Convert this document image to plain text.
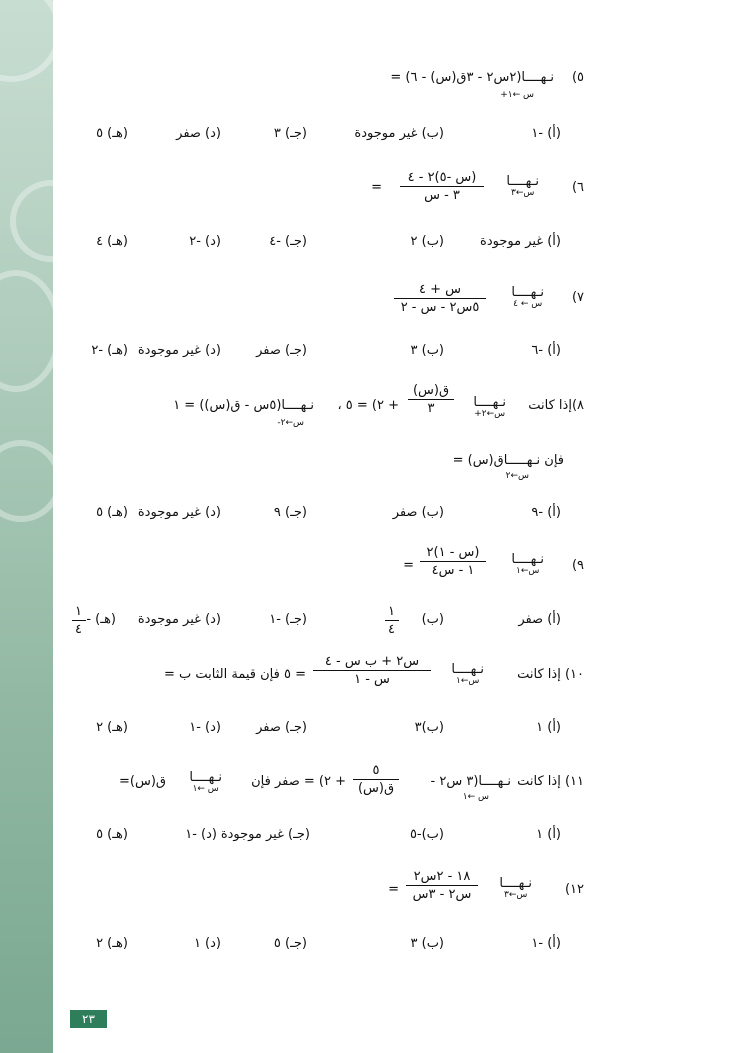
٥)
نـهــــا(٢س٢ - ٣ق(س) - ٦) =
س ←١+
(أ) -١
(ب) غير موجودة
(جـ) ٣
(د) صفر
(هـ) ٥
٦)
نـهــــا
س←٣
(س -٥)٢ - ٤
٣ - س
=
(أ) غير موجودة
(ب) ٢
(جـ) -٤
(د) -٢
(هـ) ٤
٧)
نـهــــا
س ← ٤
س + ٤
٥س٢ - س - ٢
(أ) -٦
(ب) ٣
(جـ) صفر
(د) غير موجودة
(هـ) -٢
٨)إذا كانت
نـهــــا
س←٢+
ق(س)
٣
+ ٢) = ٥ ،
نـهــــا(٥س - ق(س)) = ١
س←٢-
فإن نـهـــــاق(س) =
س←٢
(أ) -٩
(ب) صفر
(جـ) ٩
(د) غير موجودة
(هـ) ٥
٩)
نـهــــا
س←١
(س - ١)٢
١ - س٤
=
(أ) صفر
(ب)
١
٤
(جـ) -١
(د) غير موجودة
(هـ) -
١
٤
١٠) إذا كانت
نـهــــا
س←١
س٢ + ب س - ٤
س - ١
= ٥ فإن قيمة الثابت ب =
(أ) ١
(ب)٣
(جـ) صفر
(د) -١
(هـ) ٢
١١) إذا كانت
نـهــــا(٣ س٢ -
س ←١
٥
ق(س)
+ ٢) = صفر فإن
نـهــــا
س ←١
ق(س)=
(أ) ١
(ب)-٥
(جـ) غير موجودة
(د) -١
(هـ) ٥
١٢)
نـهــــا
س←٣
١٨ - ٢س٢
س٢ - ٣س
=
(أ) -١
(ب) ٣
(جـ) ٥
(د) ١
(هـ) ٢
٢٣
